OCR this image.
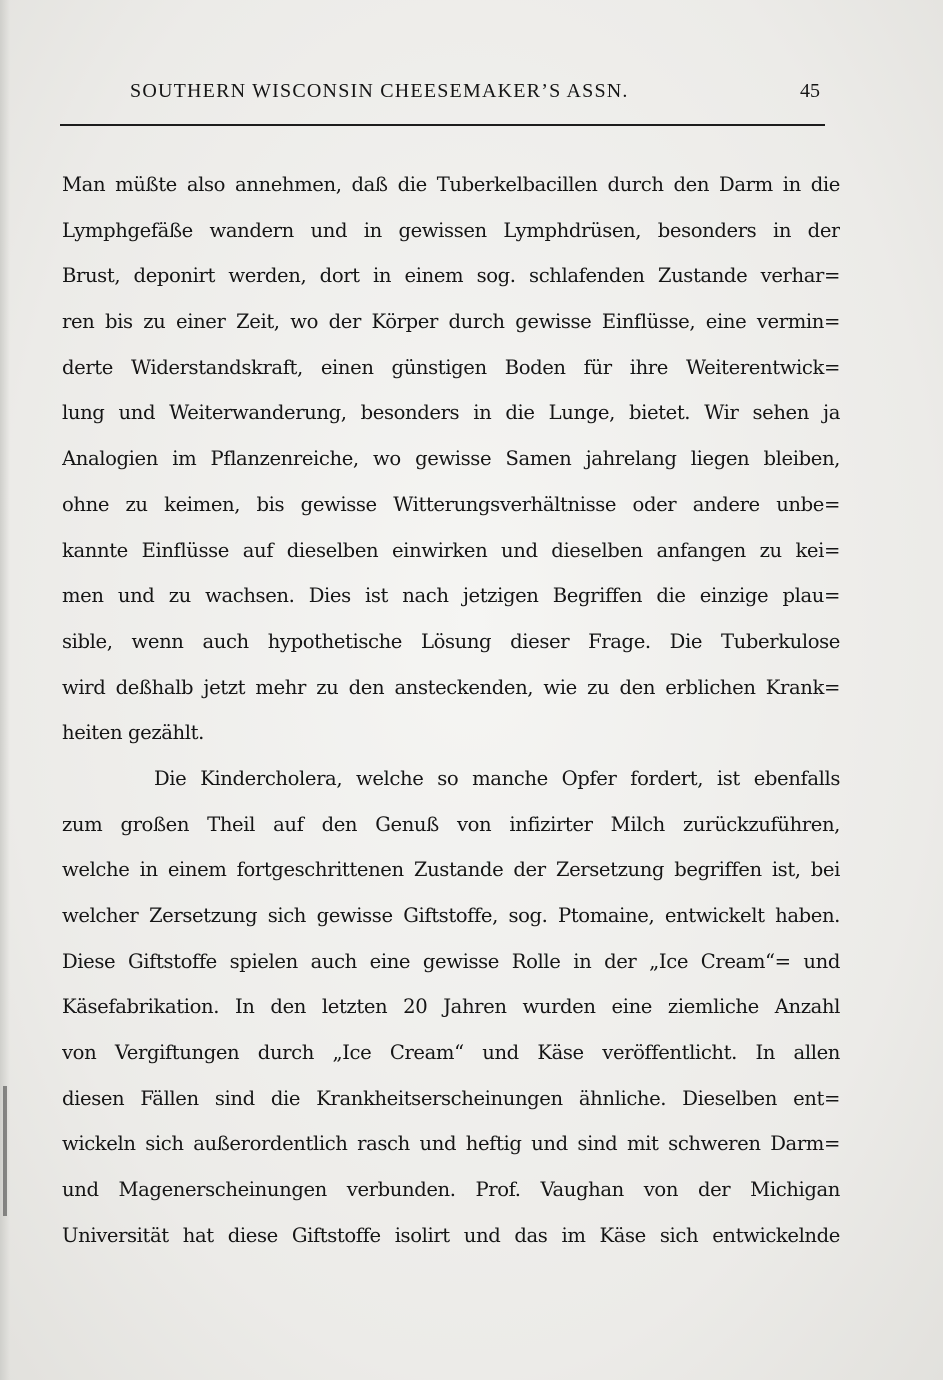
SOUTHERN WISCONSIN CHEESEMAKER’S ASSN.	45
Man müßte also annehmen, daß die Tuberkelbacillen durch den Darm in die
Lymphgefäße wandern und in gewissen Lymphdrüsen, besonders in der
Brust, deponirt werden, dort in einem sog. schlafenden Zustande verhar=
ren bis zu einer Zeit, wo der Körper durch gewisse Einflüsse, eine vermin=
derte Widerstandskraft, einen günstigen Boden für ihre Weiterentwick=
lung und Weiterwanderung, besonders in die Lunge, bietet. Wir sehen ja
Analogien im Pflanzenreiche, wo gewisse Samen jahrelang liegen bleiben,
ohne zu keimen, bis gewisse Witterungsverhältnisse oder andere unbe=
kannte Einflüsse auf dieselben einwirken und dieselben anfangen zu kei=
men und zu wachsen. Dies ist nach jetzigen Begriffen die einzige plau=
sible, wenn auch hypothetische Lösung dieser Frage. Die Tuberkulose
wird deßhalb jetzt mehr zu den ansteckenden, wie zu den erblichen Krank=
heiten gezählt.
Die Kindercholera, welche so manche Opfer fordert, ist ebenfalls
zum großen Theil auf den Genuß von infizirter Milch zurückzuführen,
welche in einem fortgeschrittenen Zustande der Zersetzung begriffen ist, bei
welcher Zersetzung sich gewisse Giftstoffe, sog. Ptomaine, entwickelt haben.
Diese Giftstoffe spielen auch eine gewisse Rolle in der „Ice Cream“= und
Käsefabrikation. In den letzten 20 Jahren wurden eine ziemliche Anzahl
von Vergiftungen durch „Ice Cream“ und Käse veröffentlicht. In allen
diesen Fällen sind die Krankheitserscheinungen ähnliche. Dieselben ent=
wickeln sich außerordentlich rasch und heftig und sind mit schweren Darm=
und Magenerscheinungen verbunden. Prof. Vaughan von der Michigan
Universität hat diese Giftstoffe isolirt und das im Käse sich entwickelnde
